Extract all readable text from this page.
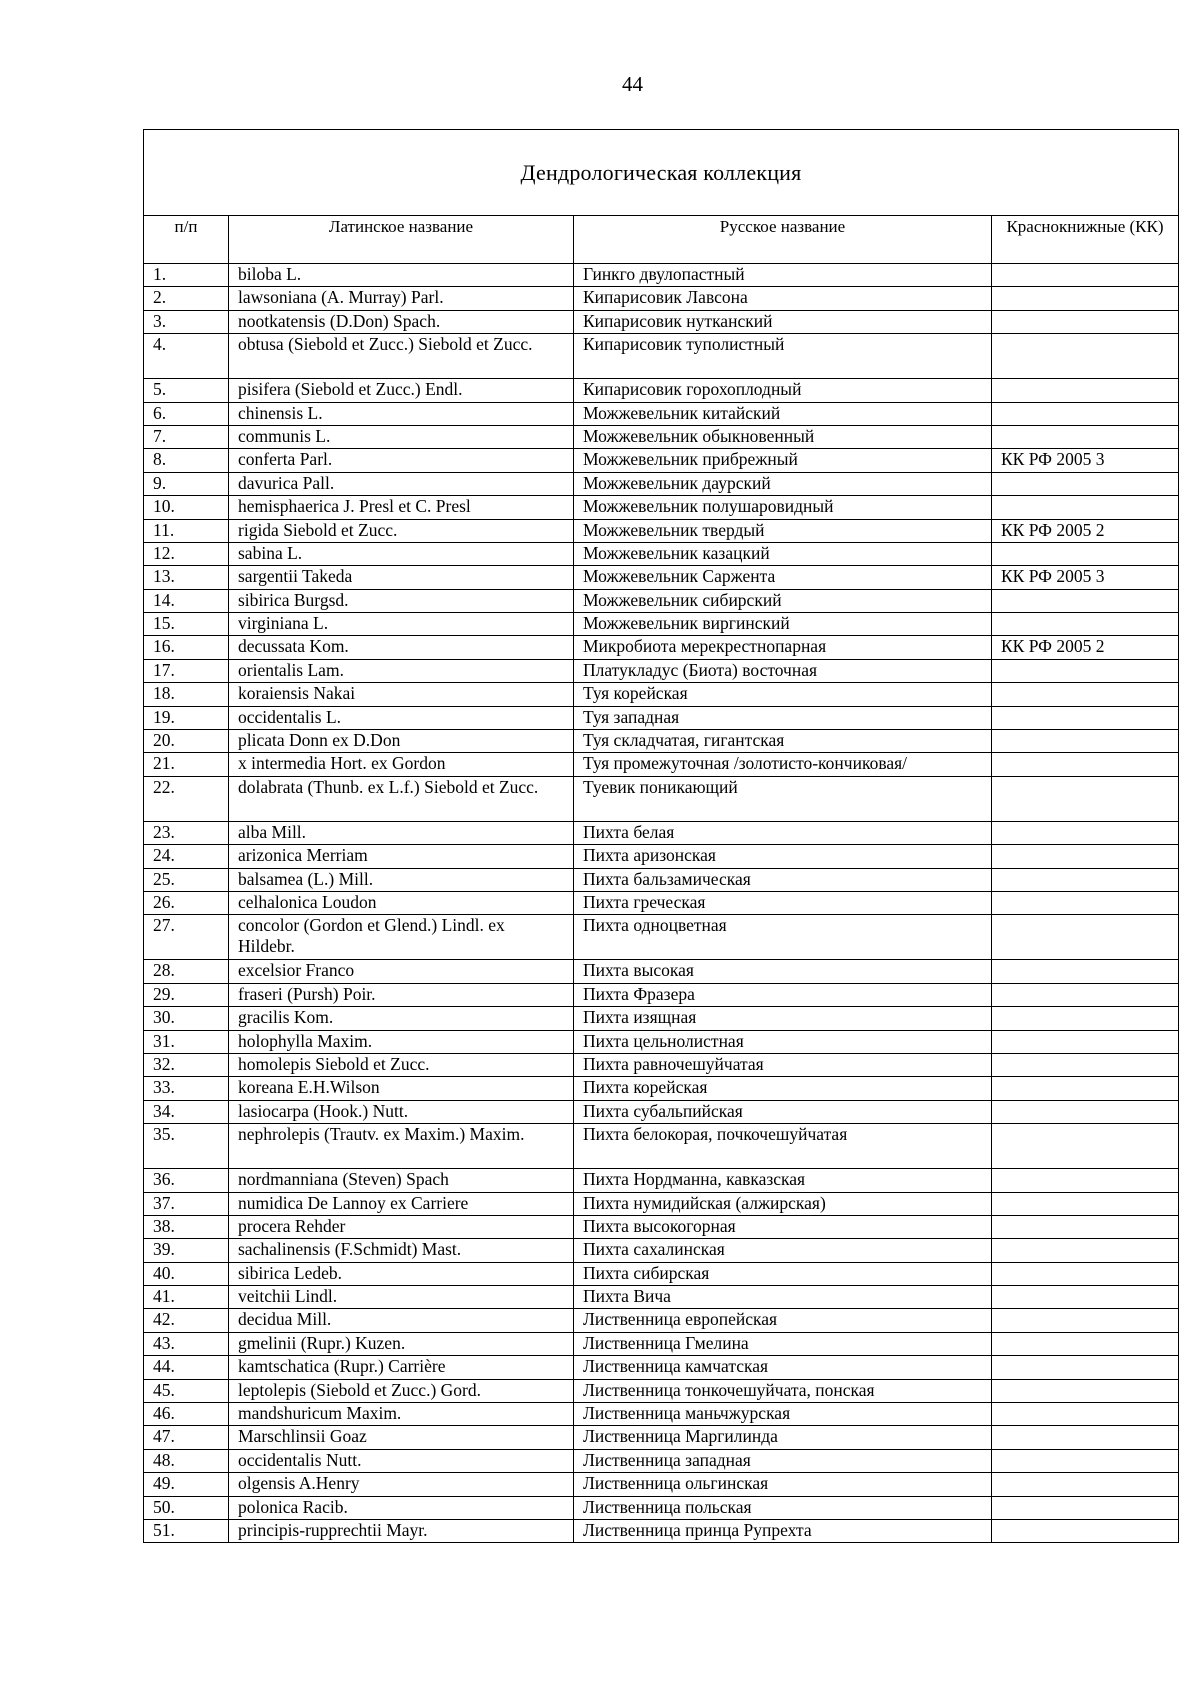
44
Дендрологическая коллекция			
п/п	Латинское название	Русское название	Краснокнижные (КК)
1.	biloba L.	Гинкго двулопастный	
2.	lawsoniana (A. Murray) Parl.	Кипарисовик Лавсона	
3.	nootkatensis (D.Don) Spach.	Кипарисовик нутканский	
4.	obtusa (Siebold et Zucc.) Siebold et Zucc.	Кипарисовик туполистный	
5.	pisifera (Siebold et Zucc.) Endl.	Кипарисовик горохоплодный	
6.	chinensis L.	Можжевельник китайский	
7.	communis L.	Можжевельник обыкновенный	
8.	conferta Parl.	Можжевельник прибрежный	КК РФ 2005 3
9.	davurica Pall.	Можжевельник даурский	
10.	hemisphaerica J. Presl et C. Presl	Можжевельник полушаровидный	
11.	rigida Siebold et Zucc.	Можжевельник твердый	КК РФ 2005 2
12.	sabina L.	Можжевельник казацкий	
13.	sargentii Takeda	Можжевельник Саржента	КК РФ 2005 3
14.	sibirica Burgsd.	Можжевельник сибирский	
15.	virginiana L.	Можжевельник виргинский	
16.	decussata Kom.	Микробиота мерекрестнопарная	КК РФ 2005 2
17.	orientalis Lam.	Платукладус (Биота) восточная	
18.	koraiensis Nakai	Туя корейская	
19.	occidentalis L.	Туя западная	
20.	plicata Donn ex D.Don	Туя складчатая, гигантская	
21.	x intermedia Hort. ex Gordon	Туя промежуточная /золотисто-кончиковая/	
22.	dolabrata (Thunb. ex L.f.) Siebold et Zucc.	Туевик поникающий	
23.	alba Mill.	Пихта белая	
24.	arizonica Merriam	Пихта аризонская	
25.	balsamea (L.) Mill.	Пихта бальзамическая	
26.	celhalonica Loudon	Пихта греческая	
27.	concolor (Gordon et Glend.) Lindl. ex Hildebr.	Пихта одноцветная	
28.	excelsior Franco	Пихта высокая	
29.	fraseri (Pursh) Poir.	Пихта Фразера	
30.	gracilis Kom.	Пихта изящная	
31.	holophylla Maxim.	Пихта цельнолистная	
32.	homolepis Siebold et Zucc.	Пихта равночешуйчатая	
33.	koreana E.H.Wilson	Пихта корейская	
34.	lasiocarpa (Hook.) Nutt.	Пихта субальпийская	
35.	nephrolepis (Trautv. ex Maxim.) Maxim.	Пихта белокорая, почкочешуйчатая	
36.	nordmanniana (Steven) Spach	Пихта Нордманна, кавказская	
37.	numidica De Lannoy ex Carriere	Пихта нумидийская (алжирская)	
38.	procera Rehder	Пихта высокогорная	
39.	sachalinensis (F.Schmidt) Mast.	Пихта сахалинская	
40.	sibirica Ledeb.	Пихта сибирская	
41.	veitchii Lindl.	Пихта Вича	
42.	decidua Mill.	Лиственница европейская	
43.	gmelinii (Rupr.) Kuzen.	Лиственница Гмелина	
44.	kamtschatica (Rupr.) Carrière	Лиственница камчатская	
45.	leptolepis (Siebold et Zucc.) Gord.	Лиственница тонкочешуйчата, понская	
46.	mandshuricum Maxim.	Лиственница маньчжурская	
47.	Marschlinsii Goaz	Лиственница Маргилинда	
48.	occidentalis Nutt.	Лиственница западная	
49.	olgensis A.Henry	Лиственница ольгинская	
50.	polonica Racib.	Лиственница польская	
51.	principis-rupprechtii Mayr.	Лиственница принца Рупрехта	
